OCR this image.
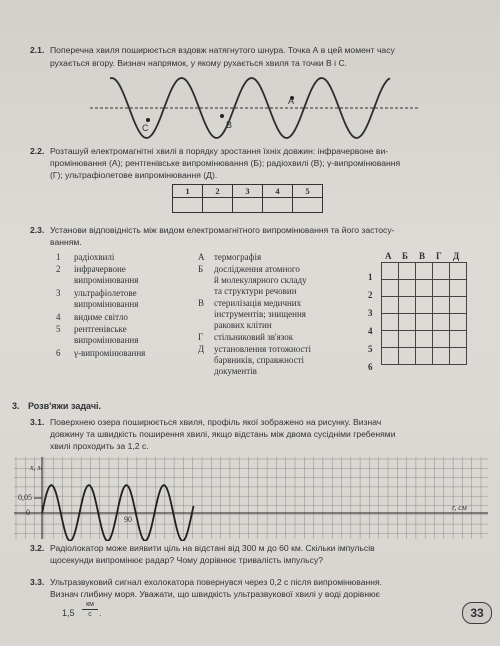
2.1. Поперечна хвиля поширюється вздовж натягнутого шнура. Точка А в цей момент часу
рухається вгору. Визнач напрямок, у якому рухається хвиля та точки В і С.
A
C	B
2.2. Розташуй електромагнітні хвилі в порядку зростання їхніх довжин: інфрачервоне ви-
промінювання (А); рентгенівське випромінювання (Б); радіохвилі (В); γ-випромінювання
(Г); ультрафіолетове випромінювання (Д).
1	2	3	4	5

2.3. Установи відповідність між видом електромагнітного випромінювання та його застосу-
ванням.
1 радіохвилі
2 інфрачервоне
випромінювання
3 ультрафіолетове
випромінювання
4 видиме світло
5 рентгенівське
випромінювання
6 γ-випромінювання
А термографія
Б дослідження атомного
й молекулярного складу
та структури речовин
В стерилізація медичних
інструментів; знищення
ракових клітин
Г стільниковий зв'язок
Д установлення тотожності
барвників, справжності
документів
А	Б	В	Г	Д
1
2
3
4
5
6

3. Розв'яжи задачі.
3.1. Поверхнею озера поширюється хвиля, профіль якої зображено на рисунку. Визнач
довжину та швидкість поширення хвилі, якщо відстань між двома сусідніми гребенями
хвилі проходить за 1,2 с.
x, м
r, см
0,05
0
90
3.2. Радіолокатор може виявити ціль на відстані від 300 м до 60 км. Скільки імпульсів
щосекунди випромінює радар? Чому дорівнює тривалість імпульсу?
3.3. Ультразвуковий сигнал ехолокатора повернувся через 0,2 с після випромінювання.
Визнач глибину моря. Уважати, що швидкість ультразвукової хвилі у воді дорівнює
1,5
км
с .	33
